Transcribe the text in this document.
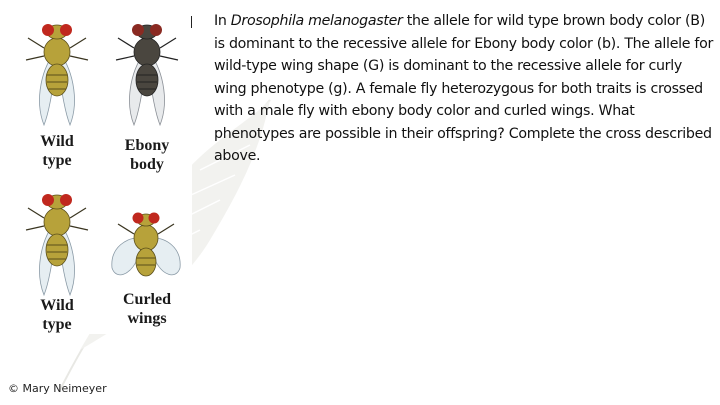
Wild
type
Ebony
body
Wild
type
Curled
wings

In Drosophila melanogaster the allele for wild type brown body color (B) is dominant to the recessive allele for Ebony body color (b). The allele for wild-type wing shape (G) is dominant to the recessive allele for curly wing phenotype (g). A female fly heterozygous for both traits is crossed with a male fly with ebony body color and curled wings. What phenotypes are possible in their offspring? Complete the cross described above.

© Mary Neimeyer
